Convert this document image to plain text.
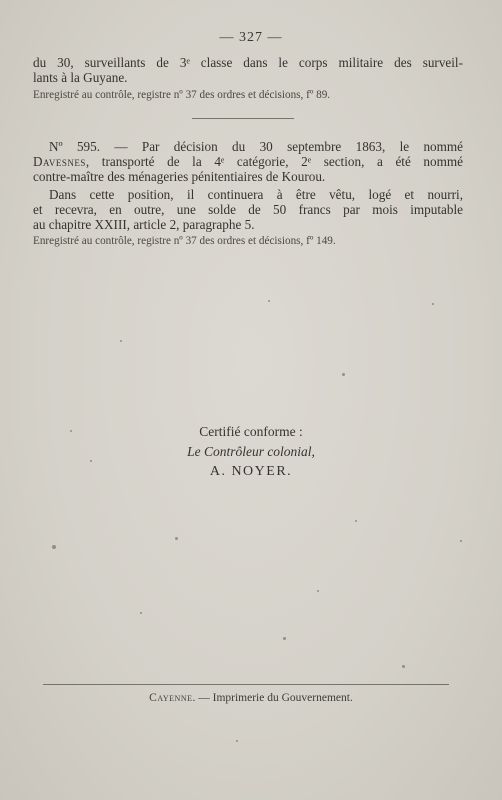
— 327 —
du 30, surveillants de 3ᵉ classe dans le corps militaire des surveil-
lants à la Guyane.
Enregistré au contrôle, registre nº 37 des ordres et décisions, fº 89.
Nº 595. — Par décision du 30 septembre 1863, le nommé
Davesnes, transporté de la 4ᵉ catégorie, 2ᵉ section, a été nommé
contre-maître des ménageries pénitentiaires de Kourou.
Dans cette position, il continuera à être vêtu, logé et nourri,
et recevra, en outre, une solde de 50 francs par mois imputable
au chapitre XXIII, article 2, paragraphe 5.
Enregistré au contrôle, registre nº 37 des ordres et décisions, fº 149.
Certifié conforme :
Le Contrôleur colonial,
A. NOYER.
Cayenne. — Imprimerie du Gouvernement.
